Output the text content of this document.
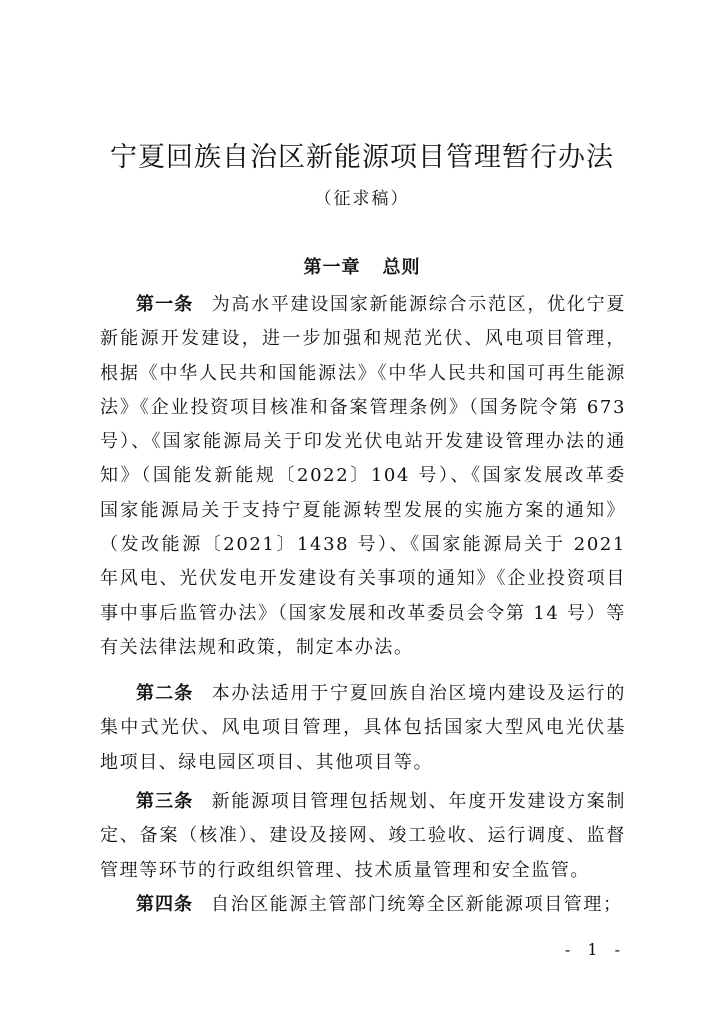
宁夏回族自治区新能源项目管理暂行办法
（征求稿）
第一章 总则

第一条 为高水平建设国家新能源综合示范区，优化宁夏新能源开发建设，进一步加强和规范光伏、风电项目管理，根据《中华人民共和国能源法》《中华人民共和国可再生能源法》《企业投资项目核准和备案管理条例》（国务院令第 673 号）、《国家能源局关于印发光伏电站开发建设管理办法的通知》（国能发新能规〔2022〕104 号）、《国家发展改革委 国家能源局关于支持宁夏能源转型发展的实施方案的通知》（发改能源〔2021〕1438 号）、《国家能源局关于 2021 年风电、光伏发电开发建设有关事项的通知》《企业投资项目事中事后监管办法》（国家发展和改革委员会令第 14 号）等有关法律法规和政策，制定本办法。

第二条 本办法适用于宁夏回族自治区境内建设及运行的集中式光伏、风电项目管理，具体包括国家大型风电光伏基地项目、绿电园区项目、其他项目等。

第三条 新能源项目管理包括规划、年度开发建设方案制定、备案（核准）、建设及接网、竣工验收、运行调度、监督管理等环节的行政组织管理、技术质量管理和安全监管。

第四条 自治区能源主管部门统筹全区新能源项目管理；

- 1 -
